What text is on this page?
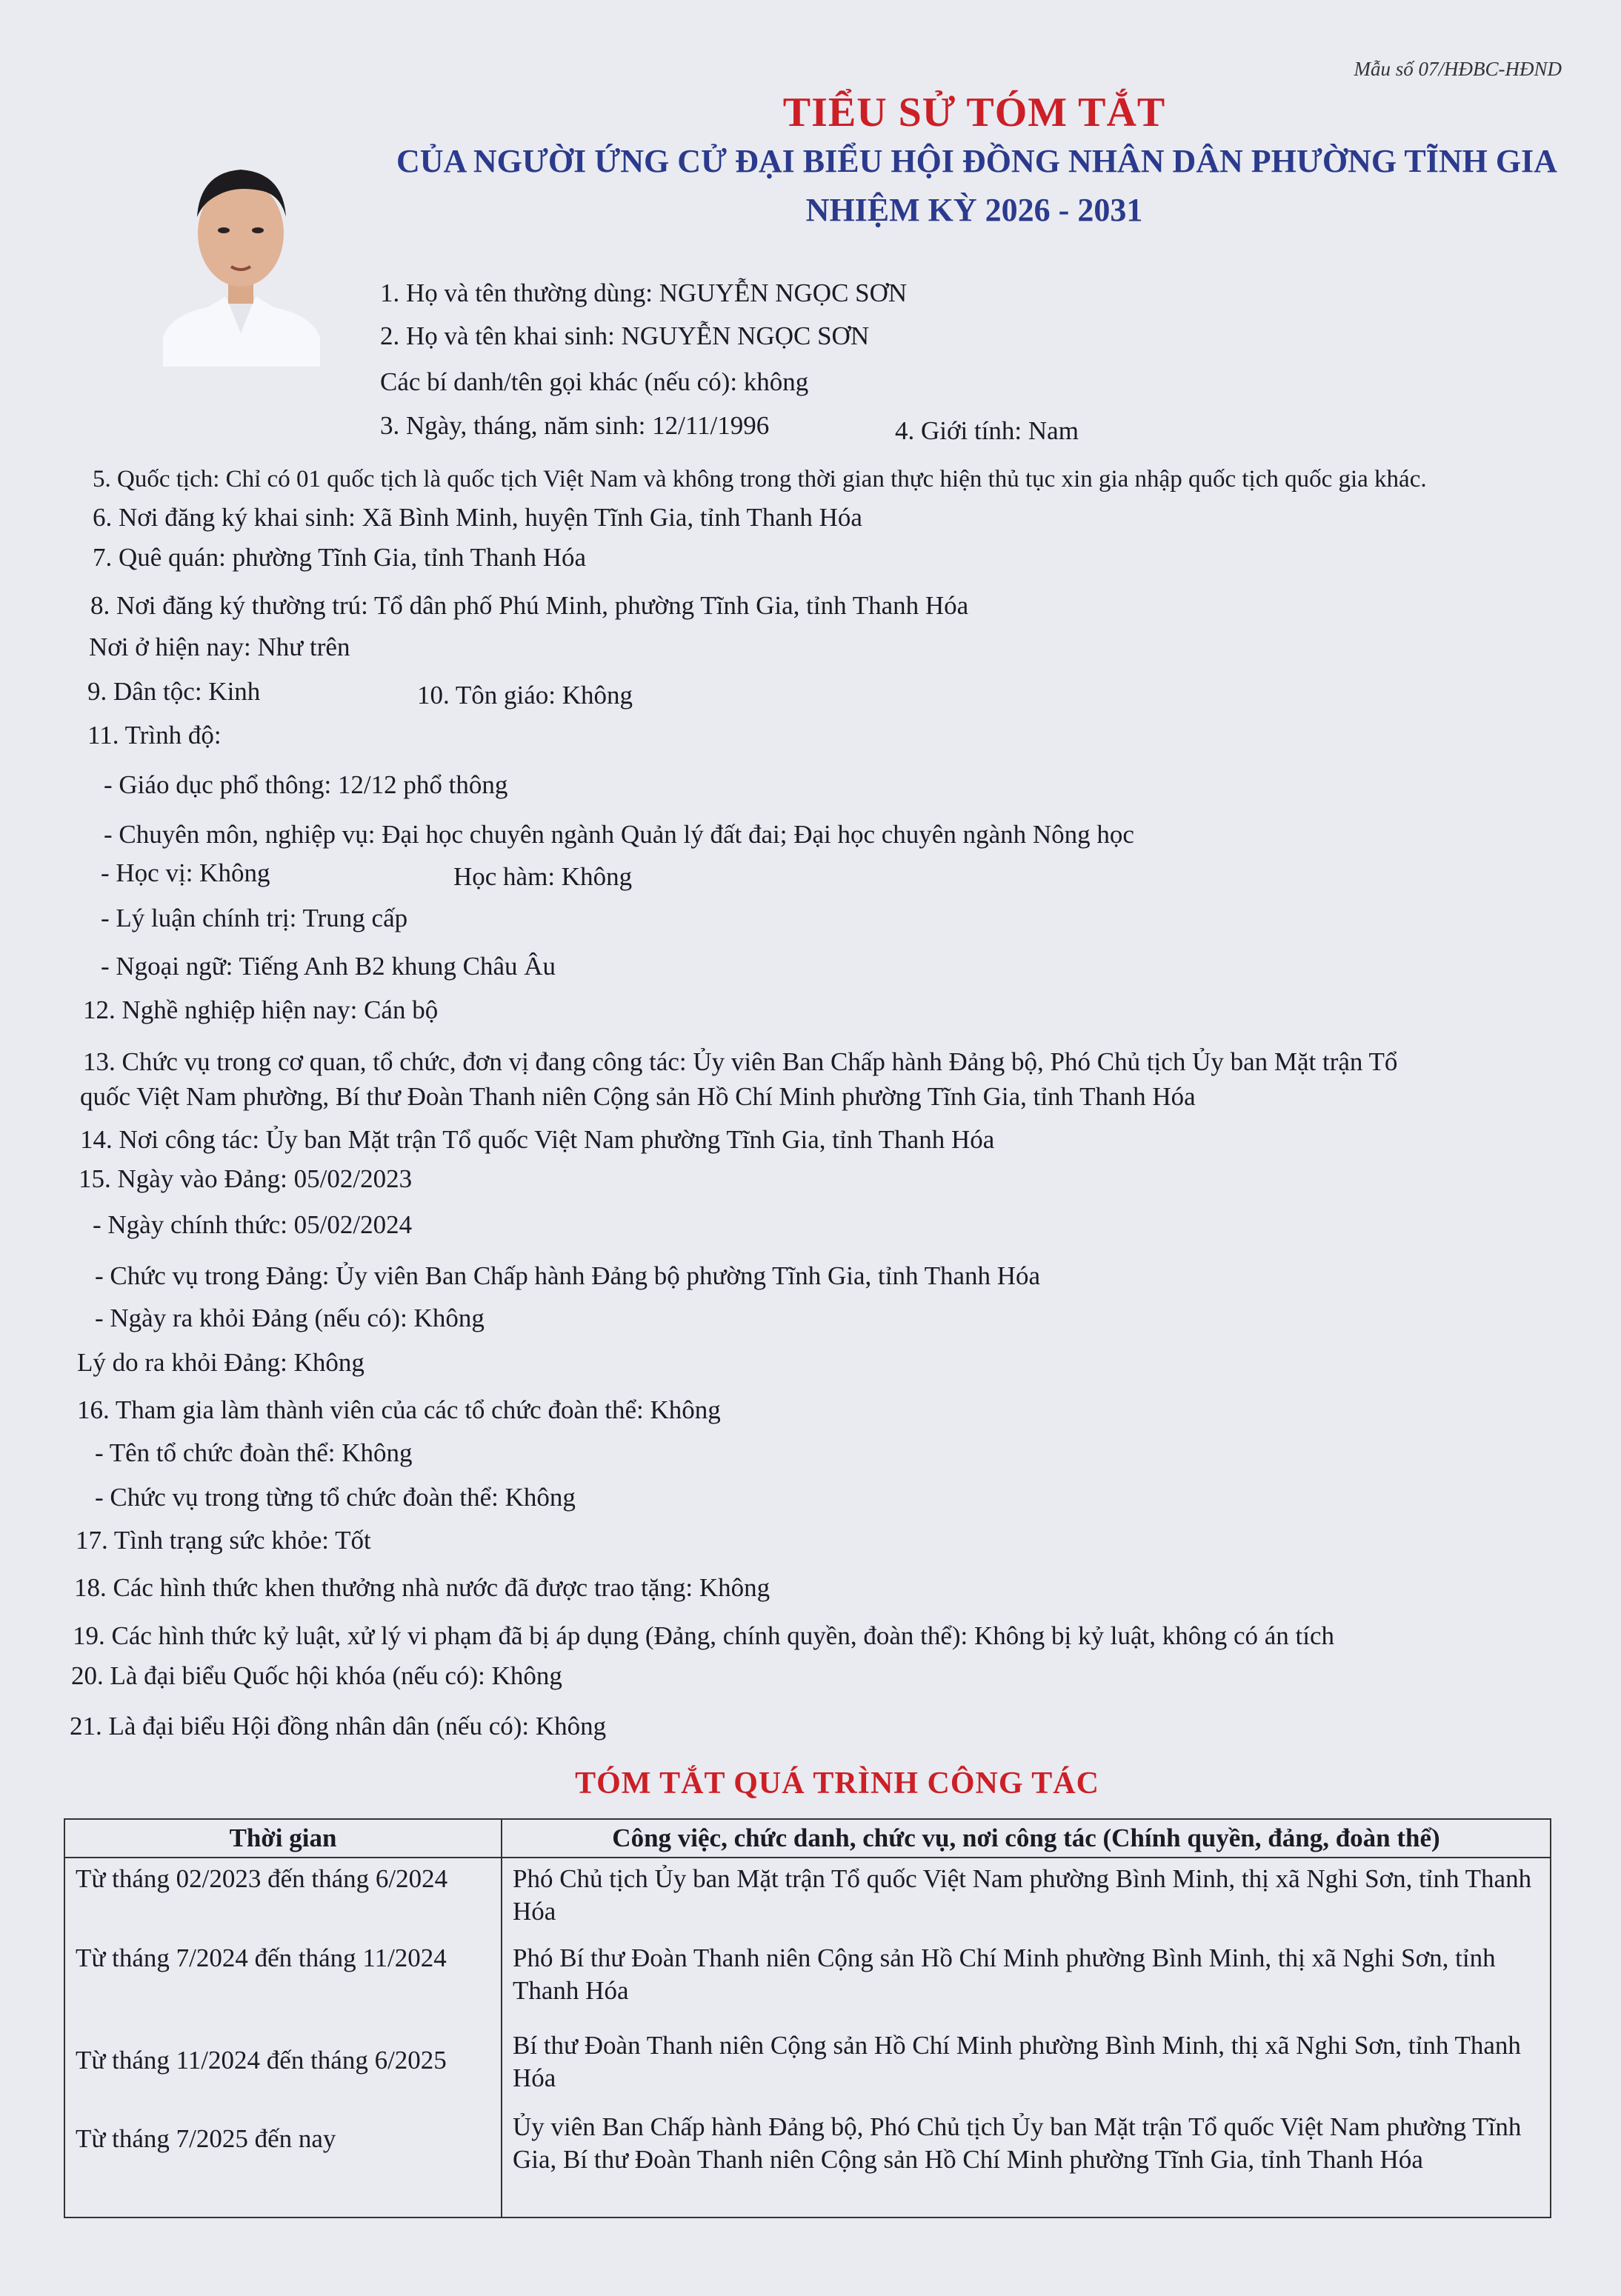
Mẫu số 07/HĐBC-HĐND
TIỂU SỬ TÓM TẮT
CỦA NGƯỜI ỨNG CỬ ĐẠI BIỂU HỘI ĐỒNG NHÂN DÂN PHƯỜNG TĨNH GIA
NHIỆM KỲ 2026 - 2031
1. Họ và tên thường dùng: NGUYỄN NGỌC SƠN
2. Họ và tên khai sinh: NGUYỄN NGỌC SƠN
Các bí danh/tên gọi khác (nếu có): không
3. Ngày, tháng, năm sinh: 12/11/1996	4. Giới tính: Nam
5. Quốc tịch: Chỉ có 01 quốc tịch là quốc tịch Việt Nam và không trong thời gian thực hiện thủ tục xin gia nhập quốc tịch quốc gia khác.
6. Nơi đăng ký khai sinh: Xã Bình Minh, huyện Tĩnh Gia, tỉnh Thanh Hóa
7. Quê quán: phường Tĩnh Gia, tỉnh Thanh Hóa
8. Nơi đăng ký thường trú: Tổ dân phố Phú Minh, phường Tĩnh Gia, tỉnh Thanh Hóa
Nơi ở hiện nay: Như trên
9. Dân tộc: Kinh	10. Tôn giáo: Không
11. Trình độ:
- Giáo dục phổ thông: 12/12 phổ thông
- Chuyên môn, nghiệp vụ: Đại học chuyên ngành Quản lý đất đai; Đại học chuyên ngành Nông học
- Học vị: Không	Học hàm: Không
- Lý luận chính trị: Trung cấp
- Ngoại ngữ: Tiếng Anh B2 khung Châu Âu
12. Nghề nghiệp hiện nay: Cán bộ
13. Chức vụ trong cơ quan, tổ chức, đơn vị đang công tác: Ủy viên Ban Chấp hành Đảng bộ, Phó Chủ tịch Ủy ban Mặt trận Tổ
quốc Việt Nam phường, Bí thư Đoàn Thanh niên Cộng sản Hồ Chí Minh phường Tĩnh Gia, tỉnh Thanh Hóa
14. Nơi công tác: Ủy ban Mặt trận Tổ quốc Việt Nam phường Tĩnh Gia, tỉnh Thanh Hóa
15. Ngày vào Đảng: 05/02/2023
- Ngày chính thức: 05/02/2024
- Chức vụ trong Đảng: Ủy viên Ban Chấp hành Đảng bộ phường Tĩnh Gia, tỉnh Thanh Hóa
- Ngày ra khỏi Đảng (nếu có): Không
Lý do ra khỏi Đảng: Không
16. Tham gia làm thành viên của các tổ chức đoàn thể: Không
- Tên tổ chức đoàn thể: Không
- Chức vụ trong từng tổ chức đoàn thể: Không
17. Tình trạng sức khỏe: Tốt
18. Các hình thức khen thưởng nhà nước đã được trao tặng: Không
19. Các hình thức kỷ luật, xử lý vi phạm đã bị áp dụng (Đảng, chính quyền, đoàn thể): Không bị kỷ luật, không có án tích
20. Là đại biểu Quốc hội khóa (nếu có): Không
21. Là đại biểu Hội đồng nhân dân (nếu có): Không
TÓM TẮT QUÁ TRÌNH CÔNG TÁC
Thời gian	Công việc, chức danh, chức vụ, nơi công tác (Chính quyền, đảng, đoàn thể)
Từ tháng 02/2023 đến tháng 6/2024	Phó Chủ tịch Ủy ban Mặt trận Tổ quốc Việt Nam phường Bình Minh, thị xã Nghi Sơn, tỉnh Thanh Hóa
Từ tháng 7/2024 đến tháng 11/2024	Phó Bí thư Đoàn Thanh niên Cộng sản Hồ Chí Minh phường Bình Minh, thị xã Nghi Sơn, tỉnh Thanh Hóa
Từ tháng 11/2024 đến tháng 6/2025	Bí thư Đoàn Thanh niên Cộng sản Hồ Chí Minh phường Bình Minh, thị xã Nghi Sơn, tỉnh Thanh Hóa
Từ tháng 7/2025 đến nay	Ủy viên Ban Chấp hành Đảng bộ, Phó Chủ tịch Ủy ban Mặt trận Tổ quốc Việt Nam phường Tĩnh Gia, Bí thư Đoàn Thanh niên Cộng sản Hồ Chí Minh phường Tĩnh Gia, tỉnh Thanh Hóa
